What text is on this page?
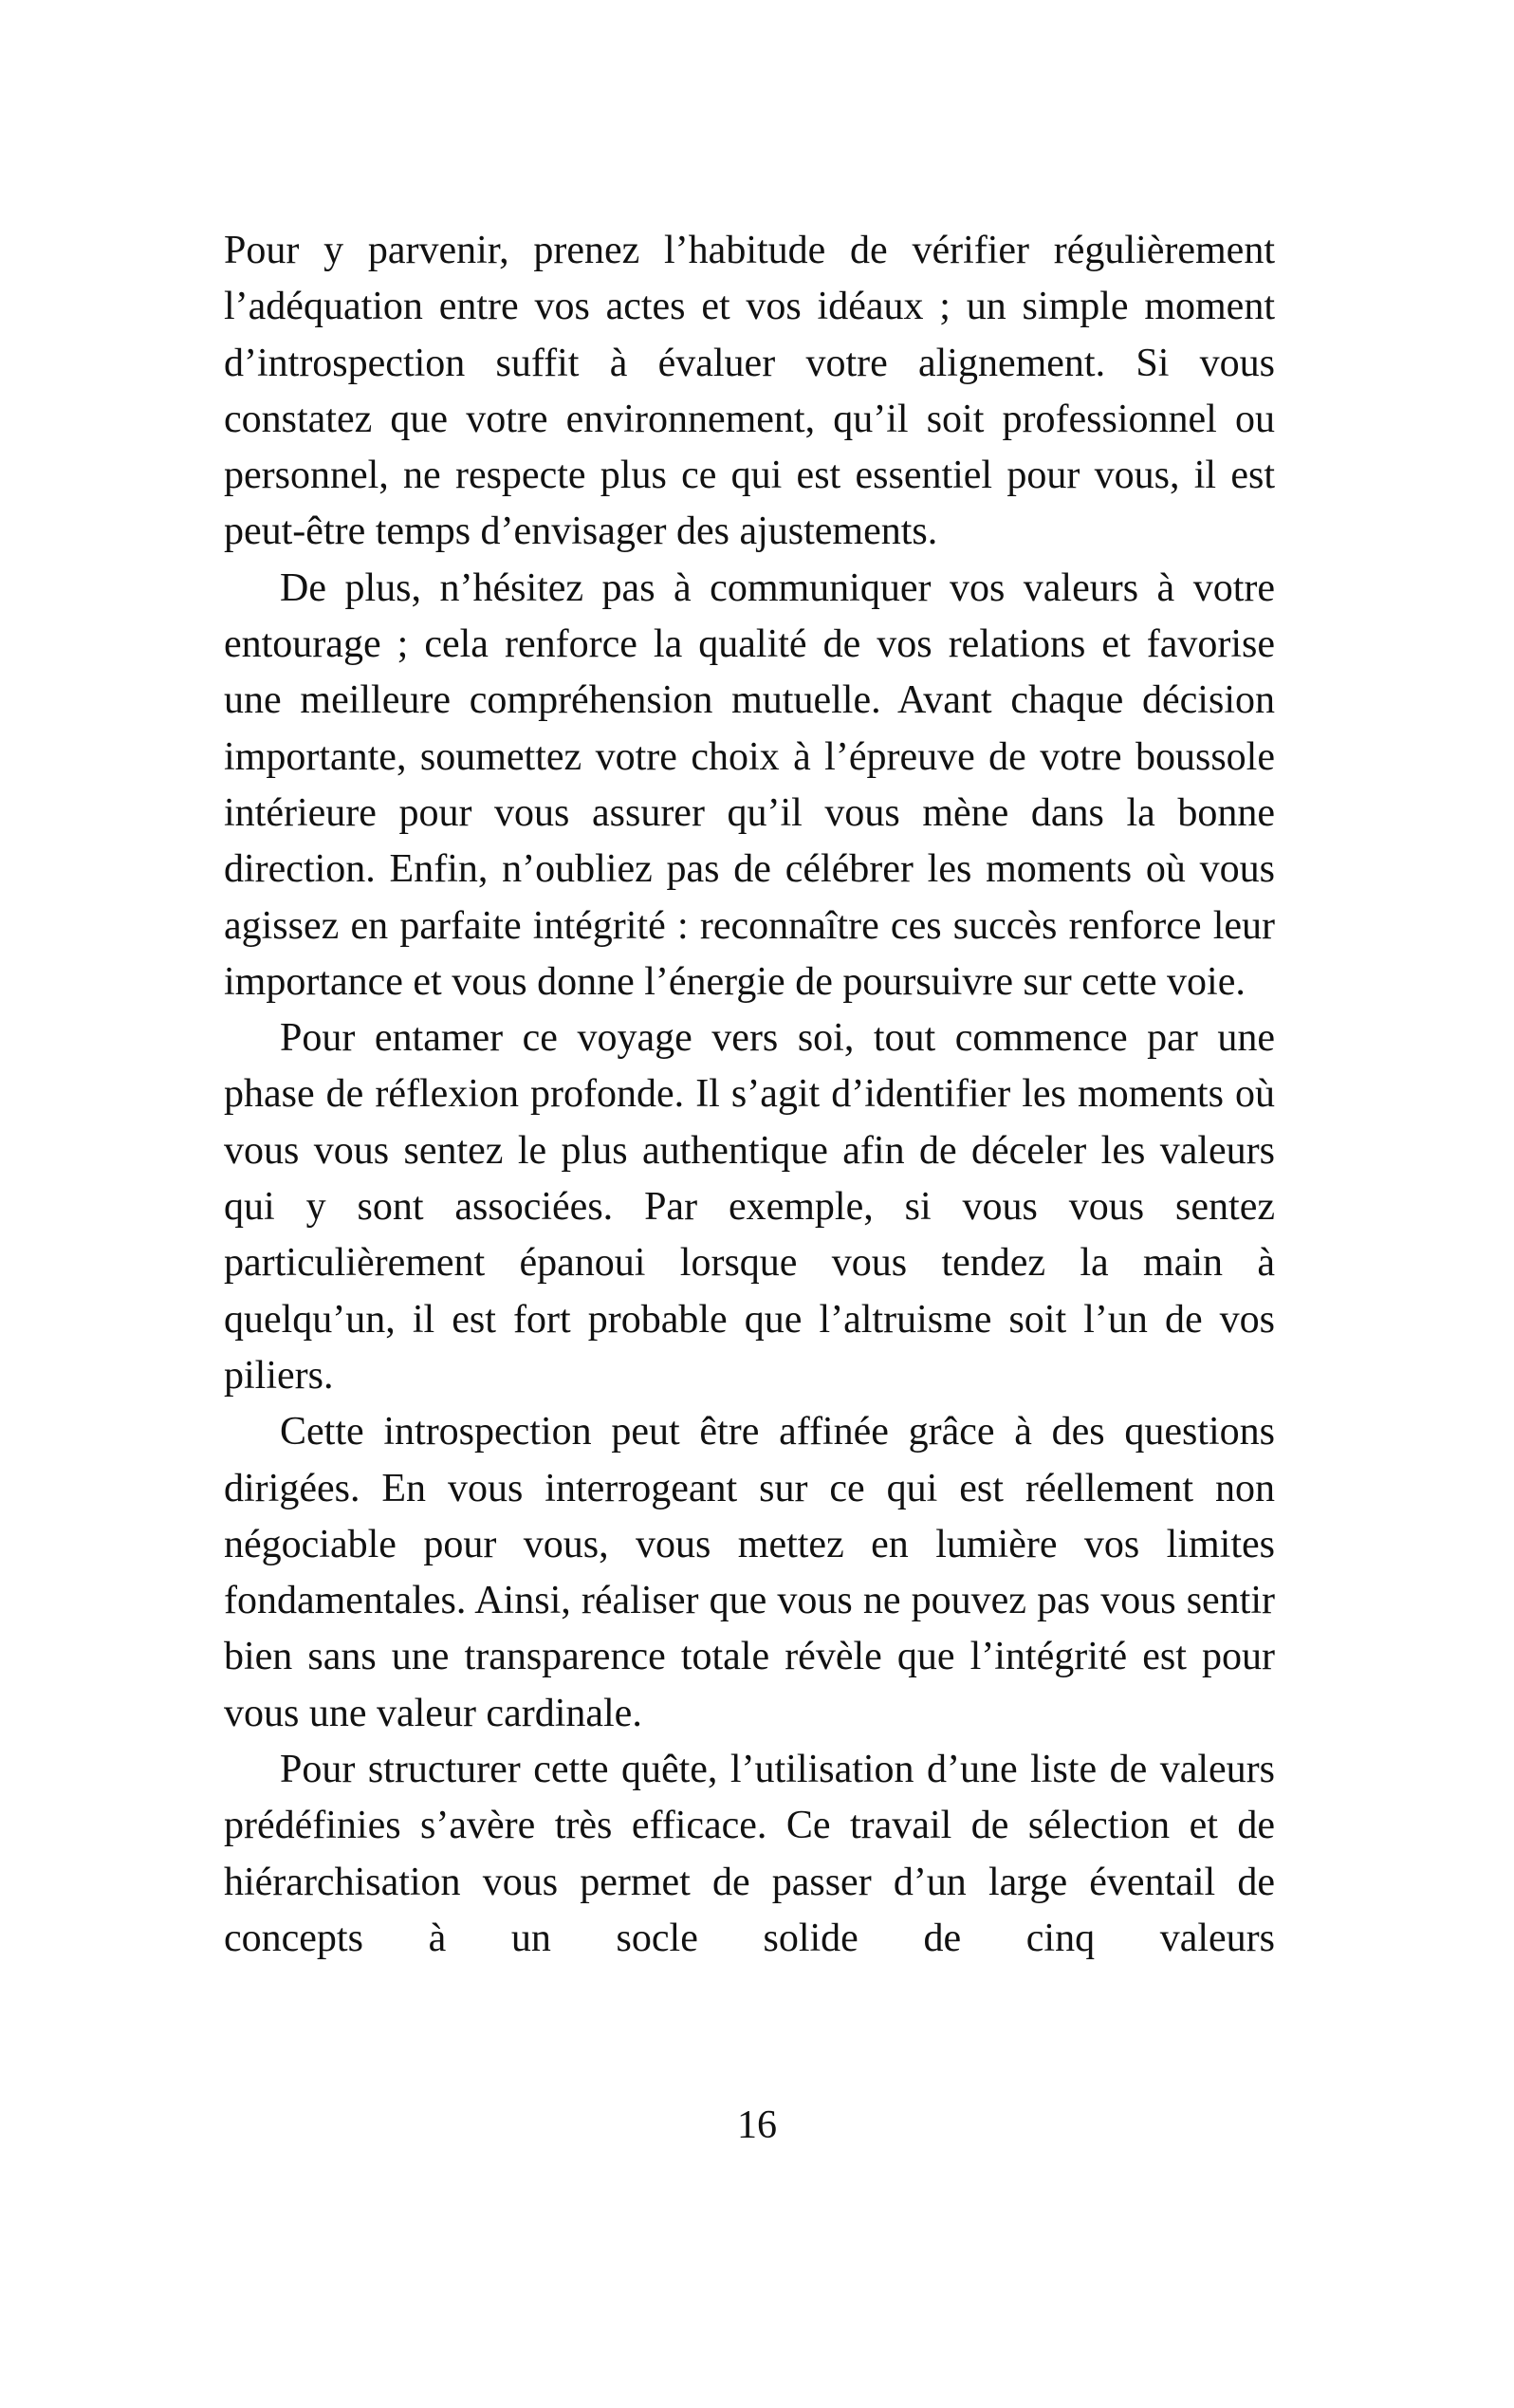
Pour y parvenir, prenez l’habitude de vérifier régulièrement l’adéquation entre vos actes et vos idéaux ; un simple moment d’introspection suffit à évaluer votre alignement. Si vous constatez que votre environnement, qu’il soit professionnel ou personnel, ne respecte plus ce qui est essentiel pour vous, il est peut-être temps d’envisager des ajustements.

De plus, n’hésitez pas à communiquer vos valeurs à votre entourage ; cela renforce la qualité de vos relations et favorise une meilleure compréhension mutuelle. Avant chaque décision importante, soumettez votre choix à l’épreuve de votre boussole intérieure pour vous assurer qu’il vous mène dans la bonne direction. Enfin, n’oubliez pas de célébrer les moments où vous agissez en parfaite intégrité : reconnaître ces succès renforce leur importance et vous donne l’énergie de poursuivre sur cette voie.

Pour entamer ce voyage vers soi, tout commence par une phase de réflexion profonde. Il s’agit d’identifier les moments où vous vous sentez le plus authentique afin de déceler les valeurs qui y sont associées. Par exemple, si vous vous sentez particulièrement épanoui lorsque vous tendez la main à quelqu’un, il est fort probable que l’altruisme soit l’un de vos piliers.

Cette introspection peut être affinée grâce à des questions dirigées. En vous interrogeant sur ce qui est réellement non négociable pour vous, vous mettez en lumière vos limites fondamentales. Ainsi, réaliser que vous ne pouvez pas vous sentir bien sans une transparence totale révèle que l’intégrité est pour vous une valeur cardinale.

Pour structurer cette quête, l’utilisation d’une liste de valeurs prédéfinies s’avère très efficace. Ce travail de sélection et de hiérarchisation vous permet de passer d’un large éventail de concepts à un socle solide de cinq valeurs

16
